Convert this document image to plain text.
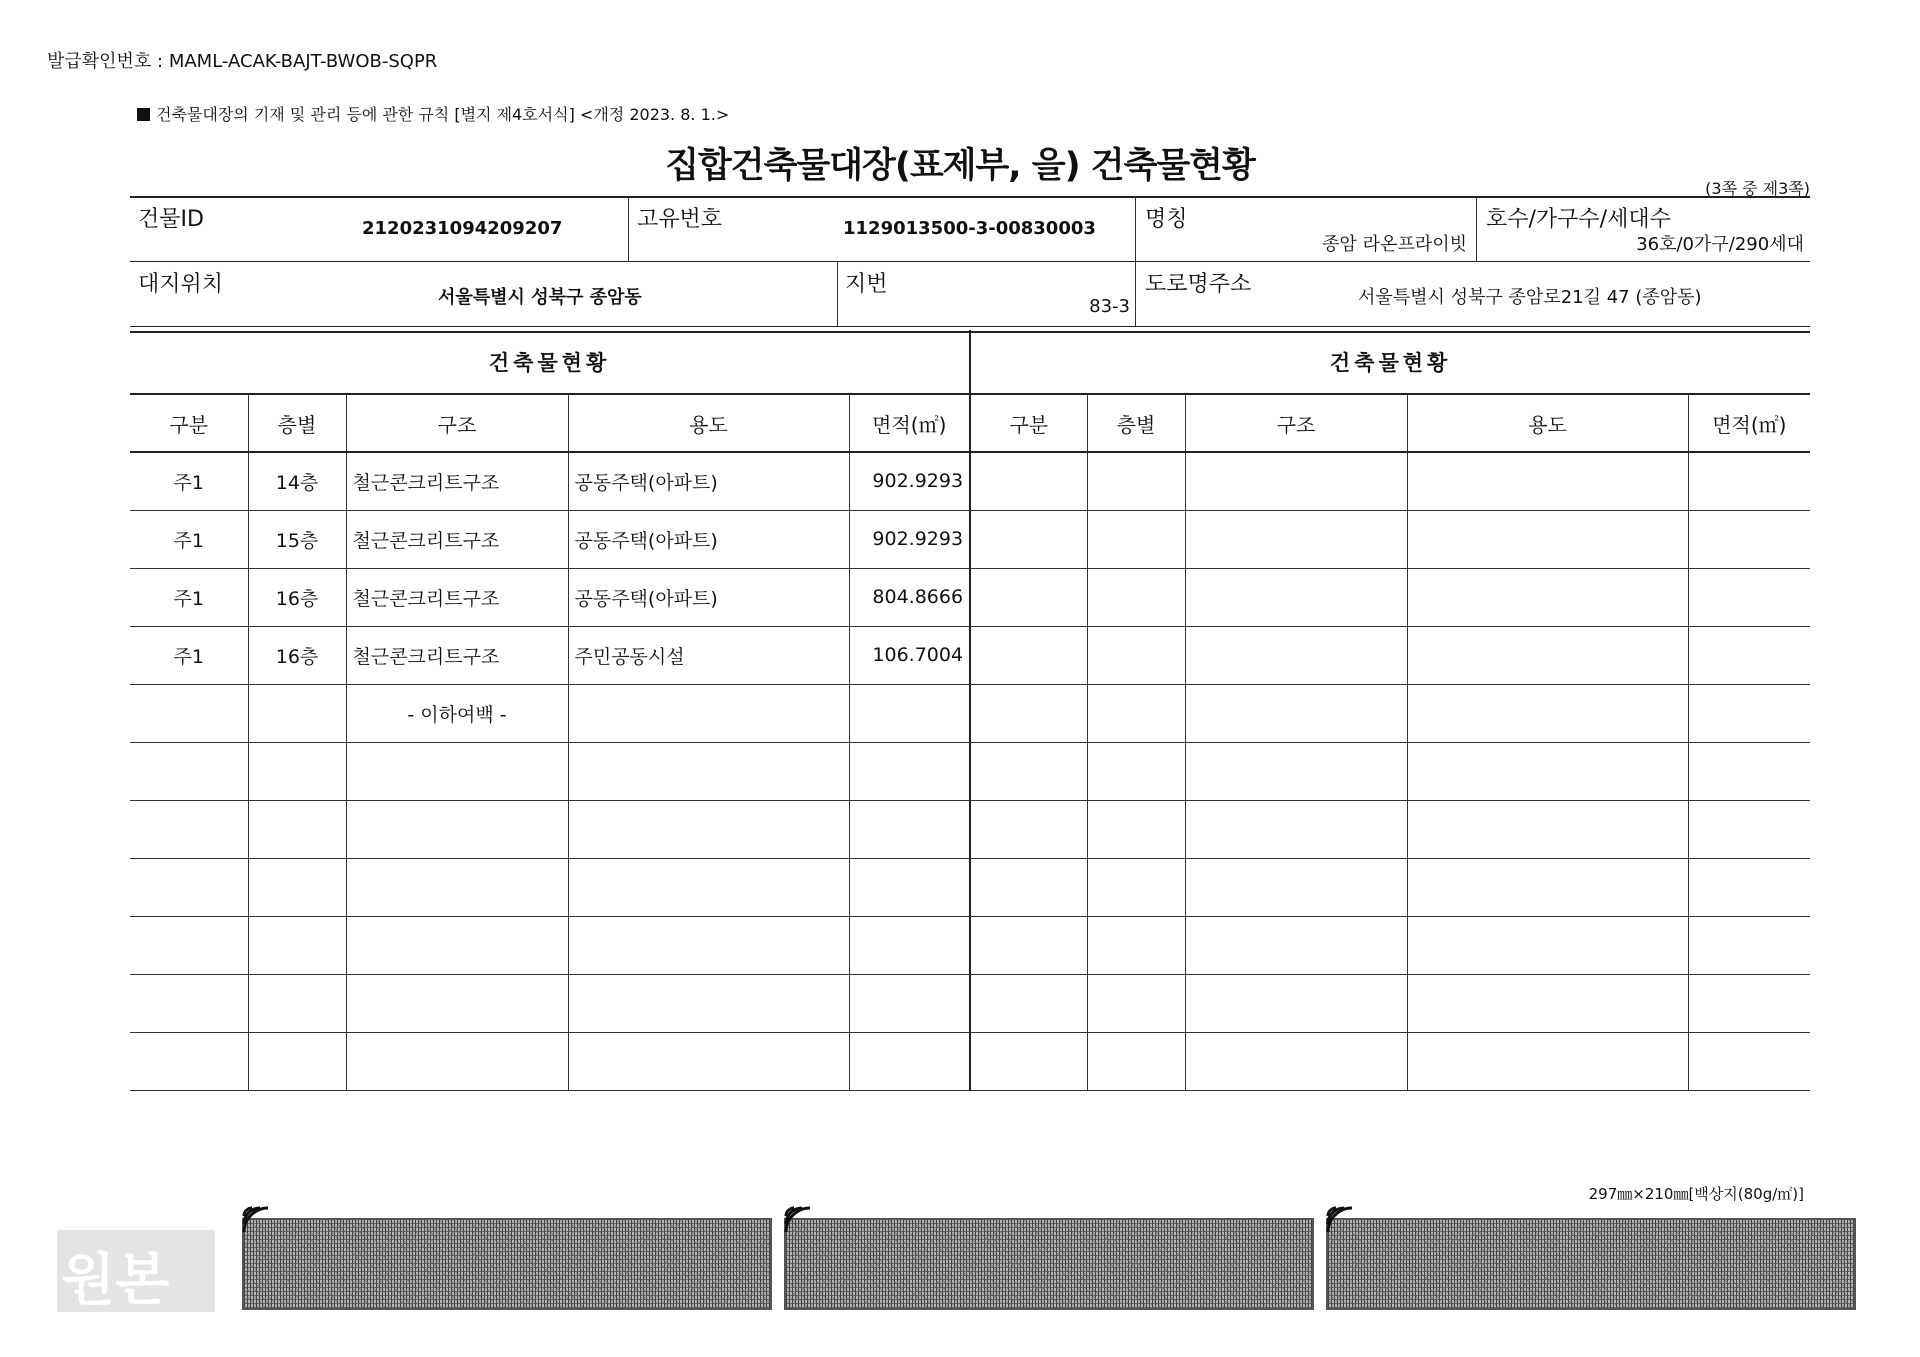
발급확인번호 : MAML-ACAK-BAJT-BWOB-SQPR
건축물대장의 기재 및 관리 등에 관한 규칙 [별지 제4호서식] <개정 2023. 8. 1.>
집합건축물대장(표제부, 을) 건축물현황
(3쪽 중 제3쪽)
건물ID	2120231094209207	고유번호	1129013500-3-00830003 명칭
종암 라온프라이빗
호수/가구수/세대수
36호/0가구/290세대
대지위치
서울특별시 성북구 종암동
지번
83-3
도로명주소
서울특별시 성북구 종암로21길 47 (종암동)
건축물현황					건축물현황				
구분	층별	구조	용도	면적(㎡)	구분	층별	구조	용도	면적(㎡)
주1	14층	철근콘크리트구조	공동주택(아파트)	902.9293					
주1	15층	철근콘크리트구조	공동주택(아파트)	902.9293					
주1	16층	철근콘크리트구조	공동주택(아파트)	804.8666					
주1	16층	철근콘크리트구조	주민공동시설	106.7004					
		- 이하여백 -							

297㎜×210㎜[백상지(80g/㎡)]
원본
